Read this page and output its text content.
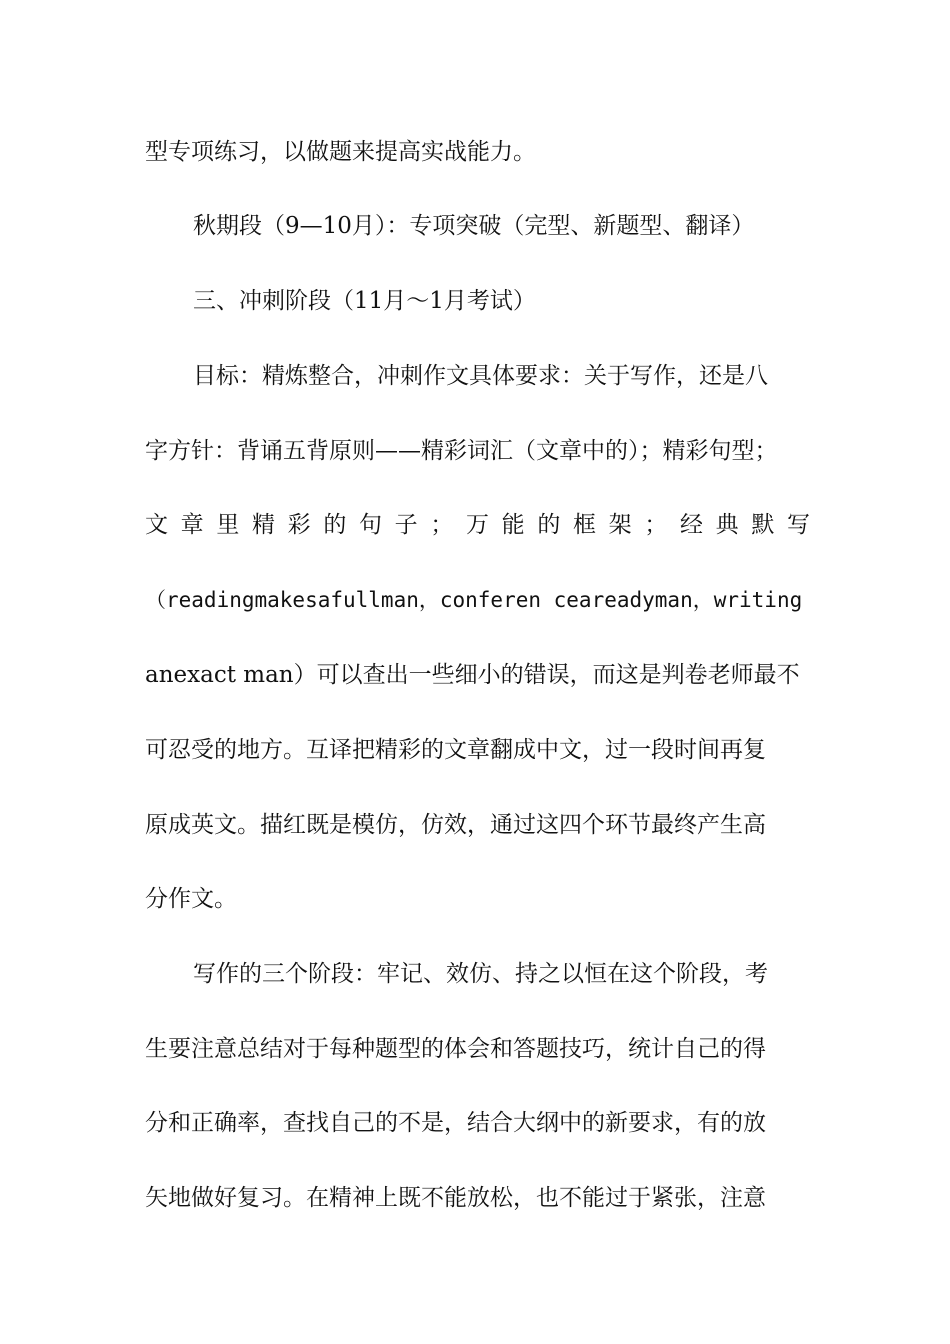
型专项练习，以做题来提高实战能力。
秋期段（9—10月）：专项突破（完型、新题型、翻译）
三、冲刺阶段（11月～1月考试）
目标：精炼整合，冲刺作文具体要求：关于写作，还是八
字方针：背诵五背原则——精彩词汇（文章中的）；精彩句型；
文章里精彩的句子；万能的框架；经典默写
（readingmakesafullman，conferen ceareadyman，writing
anexact man）可以查出一些细小的错误，而这是判卷老师最不
可忍受的地方。互译把精彩的文章翻成中文，过一段时间再复
原成英文。描红既是模仿，仿效，通过这四个环节最终产生高
分作文。
写作的三个阶段：牢记、效仿、持之以恒在这个阶段，考
生要注意总结对于每种题型的体会和答题技巧，统计自己的得
分和正确率，查找自己的不是，结合大纲中的新要求，有的放
矢地做好复习。在精神上既不能放松，也不能过于紧张，注意
